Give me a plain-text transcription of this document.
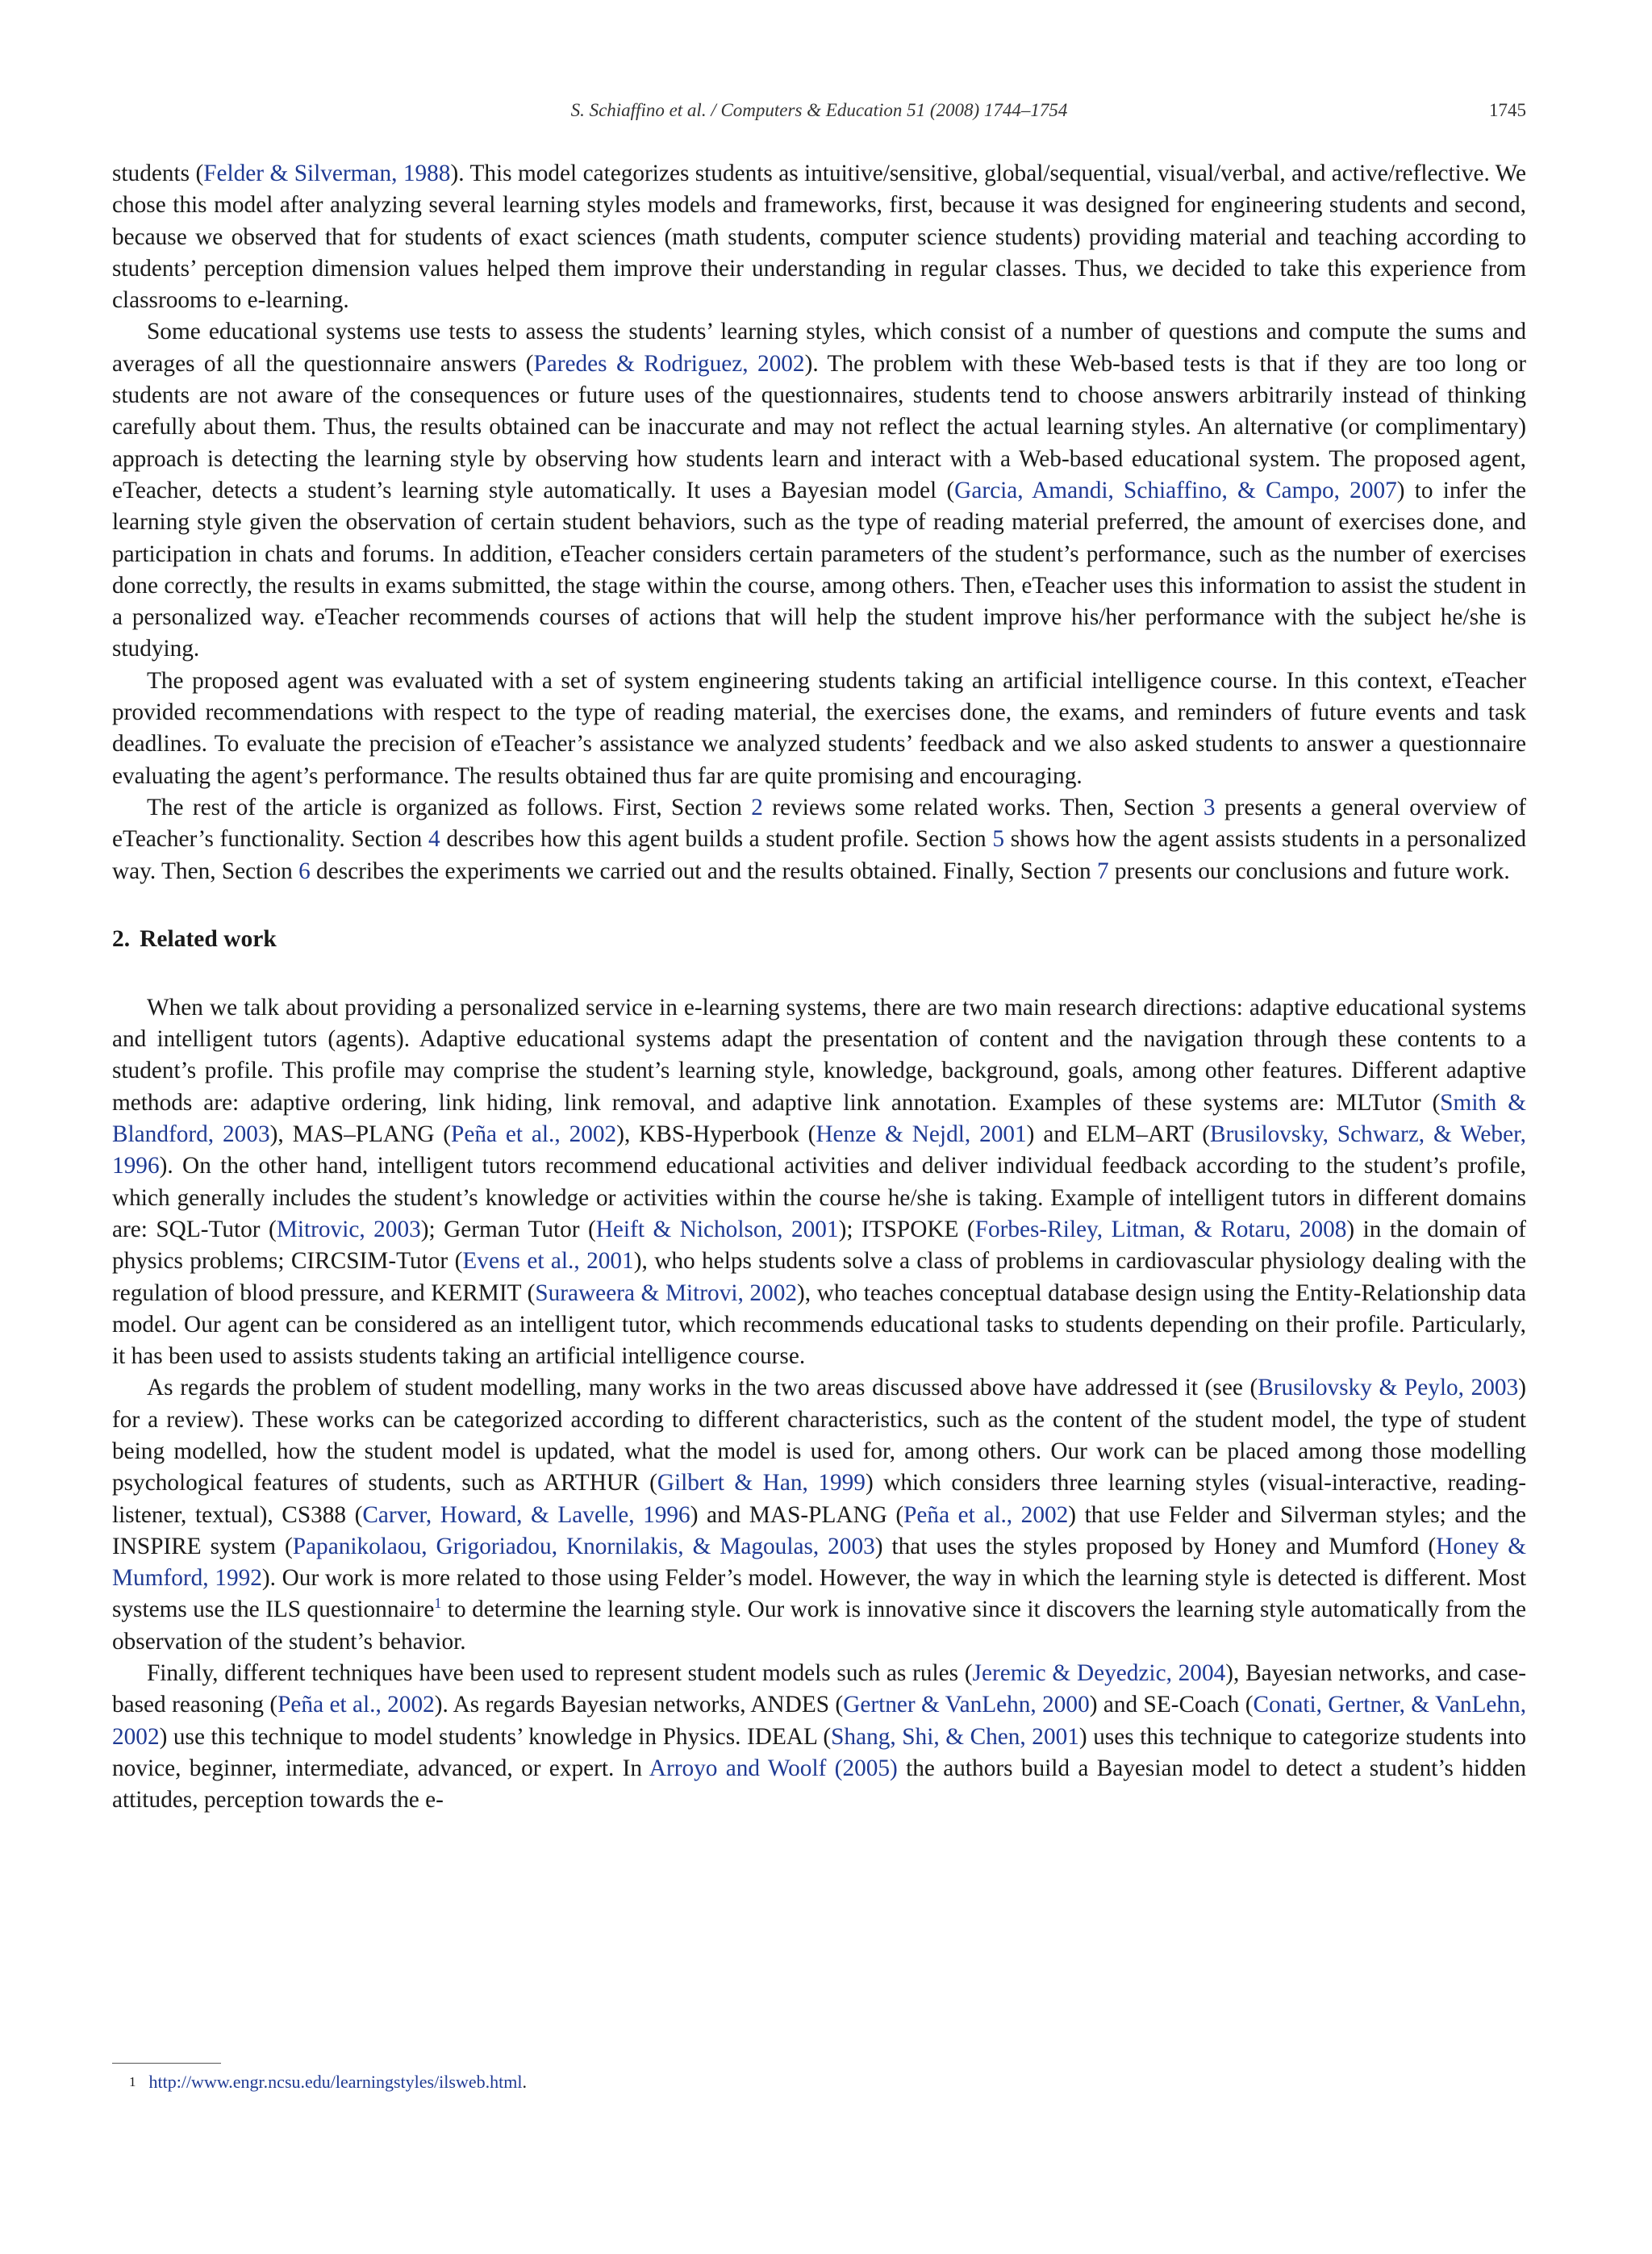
S. Schiaffino et al. / Computers & Education 51 (2008) 1744–1754	1745

students (Felder & Silverman, 1988). This model categorizes students as intuitive/sensitive, global/sequential, visual/verbal, and active/reflective. We chose this model after analyzing several learning styles models and frameworks, first, because it was designed for engineering students and second, because we observed that for students of exact sciences (math students, computer science students) providing material and teaching according to students’ perception dimension values helped them improve their understanding in regular classes. Thus, we decided to take this experience from classrooms to e-learning.

Some educational systems use tests to assess the students’ learning styles, which consist of a number of questions and compute the sums and averages of all the questionnaire answers (Paredes & Rodriguez, 2002). The problem with these Web-based tests is that if they are too long or students are not aware of the consequences or future uses of the questionnaires, students tend to choose answers arbitrarily instead of thinking carefully about them. Thus, the results obtained can be inaccurate and may not reflect the actual learning styles. An alternative (or complimentary) approach is detecting the learning style by observing how students learn and interact with a Web-based educational system. The proposed agent, eTeacher, detects a student’s learning style automatically. It uses a Bayesian model (Garcia, Amandi, Schiaffino, & Campo, 2007) to infer the learning style given the observation of certain student behaviors, such as the type of reading material preferred, the amount of exercises done, and participation in chats and forums. In addition, eTeacher considers certain parameters of the student’s performance, such as the number of exercises done correctly, the results in exams submitted, the stage within the course, among others. Then, eTeacher uses this information to assist the student in a personalized way. eTeacher recommends courses of actions that will help the student improve his/her performance with the subject he/she is studying.

The proposed agent was evaluated with a set of system engineering students taking an artificial intelligence course. In this context, eTeacher provided recommendations with respect to the type of reading material, the exercises done, the exams, and reminders of future events and task deadlines. To evaluate the precision of eTeacher’s assistance we analyzed students’ feedback and we also asked students to answer a questionnaire evaluating the agent’s performance. The results obtained thus far are quite promising and encouraging.

The rest of the article is organized as follows. First, Section 2 reviews some related works. Then, Section 3 presents a general overview of eTeacher’s functionality. Section 4 describes how this agent builds a student profile. Section 5 shows how the agent assists students in a personalized way. Then, Section 6 describes the experiments we carried out and the results obtained. Finally, Section 7 presents our conclusions and future work.

2. Related work

When we talk about providing a personalized service in e-learning systems, there are two main research directions: adaptive educational systems and intelligent tutors (agents). Adaptive educational systems adapt the presentation of content and the navigation through these contents to a student’s profile. This profile may comprise the student’s learning style, knowledge, background, goals, among other features. Different adaptive methods are: adaptive ordering, link hiding, link removal, and adaptive link annotation. Examples of these systems are: MLTutor (Smith & Blandford, 2003), MAS–PLANG (Peña et al., 2002), KBS-Hyperbook (Henze & Nejdl, 2001) and ELM–ART (Brusilovsky, Schwarz, & Weber, 1996). On the other hand, intelligent tutors recommend educational activities and deliver individual feedback according to the student’s profile, which generally includes the student’s knowledge or activities within the course he/she is taking. Example of intelligent tutors in different domains are: SQL-Tutor (Mitrovic, 2003); German Tutor (Heift & Nicholson, 2001); ITSPOKE (Forbes-Riley, Litman, & Rotaru, 2008) in the domain of physics problems; CIRCSIM-Tutor (Evens et al., 2001), who helps students solve a class of problems in cardiovascular physiology dealing with the regulation of blood pressure, and KERMIT (Suraweera & Mitrovi, 2002), who teaches conceptual database design using the Entity-Relationship data model. Our agent can be considered as an intelligent tutor, which recommends educational tasks to students depending on their profile. Particularly, it has been used to assists students taking an artificial intelligence course.

As regards the problem of student modelling, many works in the two areas discussed above have addressed it (see (Brusilovsky & Peylo, 2003) for a review). These works can be categorized according to different characteristics, such as the content of the student model, the type of student being modelled, how the student model is updated, what the model is used for, among others. Our work can be placed among those modelling psychological features of students, such as ARTHUR (Gilbert & Han, 1999) which considers three learning styles (visual-interactive, reading-listener, textual), CS388 (Carver, Howard, & Lavelle, 1996) and MAS-PLANG (Peña et al., 2002) that use Felder and Silverman styles; and the INSPIRE system (Papanikolaou, Grigoriadou, Knornilakis, & Magoulas, 2003) that uses the styles proposed by Honey and Mumford (Honey & Mumford, 1992). Our work is more related to those using Felder’s model. However, the way in which the learning style is detected is different. Most systems use the ILS questionnaire$^1$ to determine the learning style. Our work is innovative since it discovers the learning style automatically from the observation of the student’s behavior.

Finally, different techniques have been used to represent student models such as rules (Jeremic & Deyedzic, 2004), Bayesian networks, and case-based reasoning (Peña et al., 2002). As regards Bayesian networks, ANDES (Gertner & VanLehn, 2000) and SE-Coach (Conati, Gertner, & VanLehn, 2002) use this technique to model students’ knowledge in Physics. IDEAL (Shang, Shi, & Chen, 2001) uses this technique to categorize students into novice, beginner, intermediate, advanced, or expert. In Arroyo and Woolf (2005) the authors build a Bayesian model to detect a student’s hidden attitudes, perception towards the e-

$^1$ http://www.engr.ncsu.edu/learningstyles/ilsweb.html.
